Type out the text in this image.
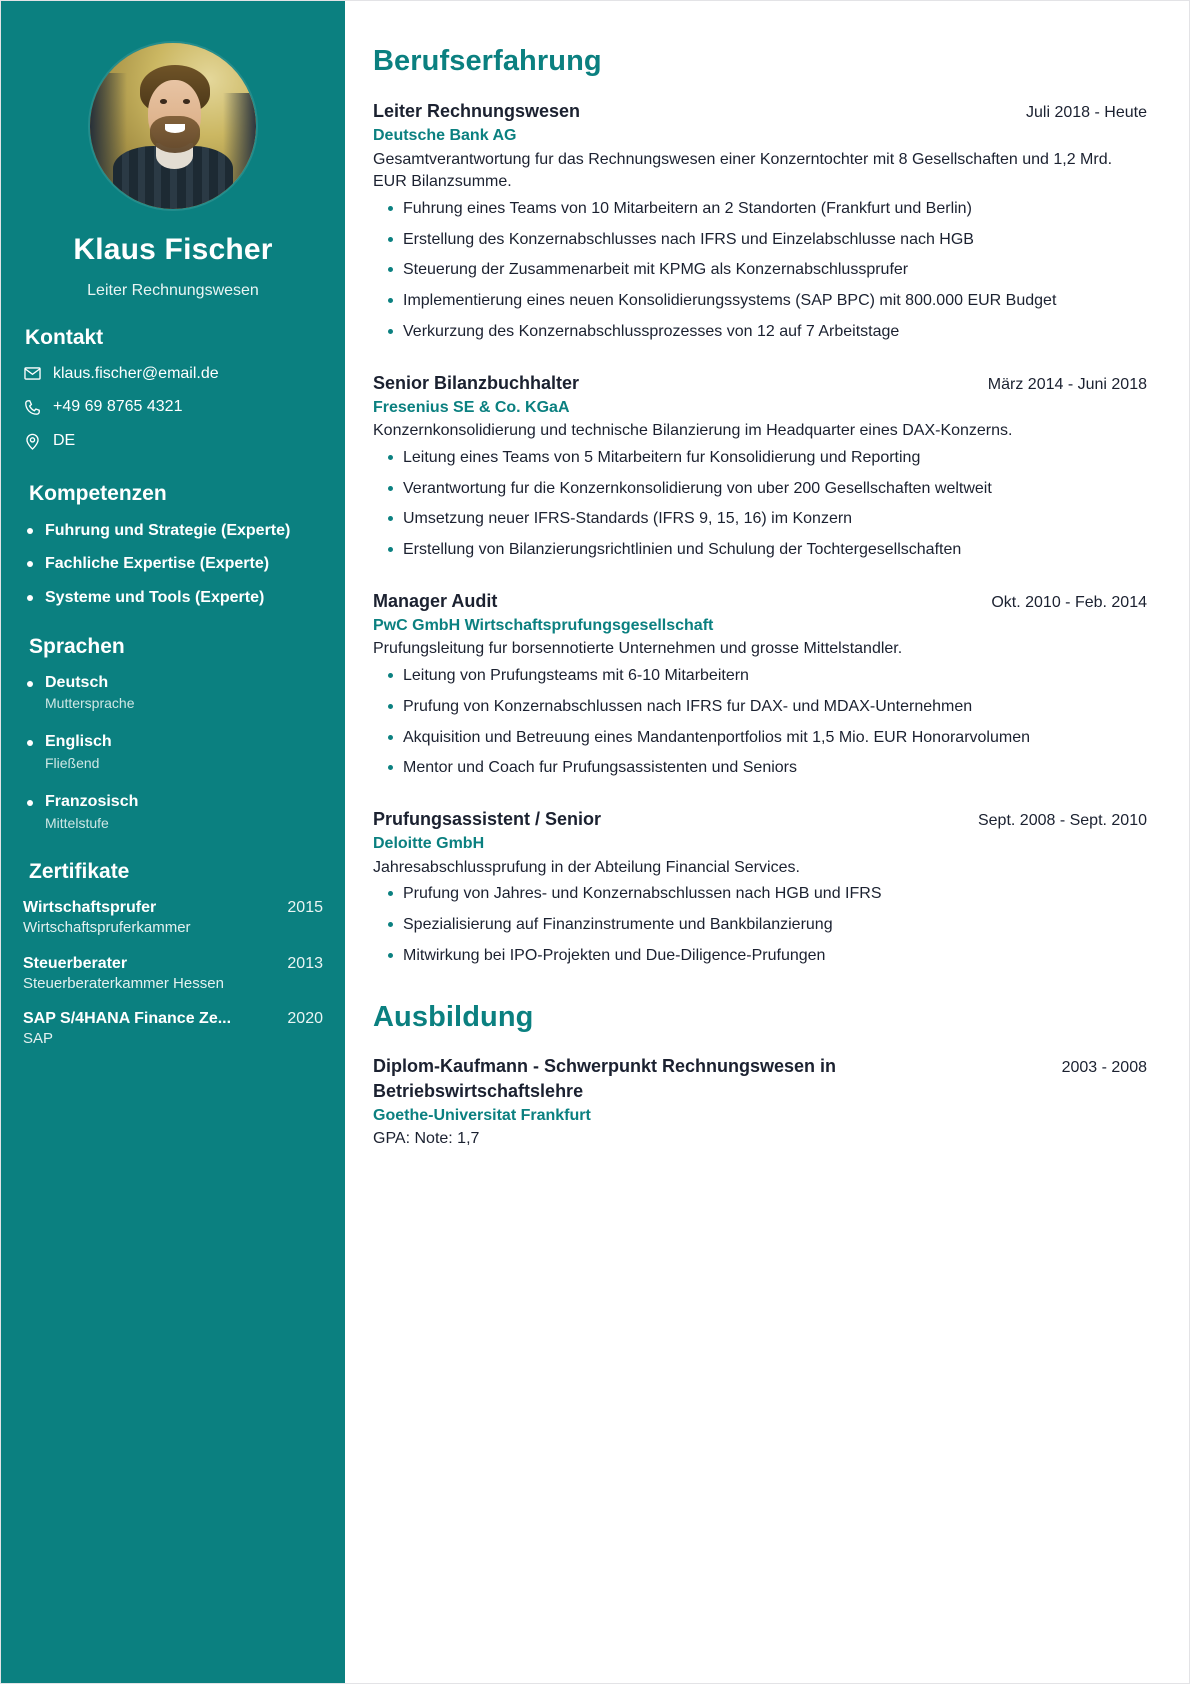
Klaus Fischer
Leiter Rechnungswesen
Kontakt
klaus.fischer@email.de
+49 69 8765 4321
DE
Kompetenzen
Fuhrung und Strategie (Experte)
Fachliche Expertise (Experte)
Systeme und Tools (Experte)
Sprachen
Deutsch
Muttersprache
Englisch
Fließend
Franzosisch
Mittelstufe
Zertifikate
Wirtschaftsprufer	2015
Wirtschaftspruferkammer
Steuerberater	2013
Steuerberaterkammer Hessen
SAP S/4HANA Finance Ze...	2020
SAP
Berufserfahrung
Leiter Rechnungswesen	Juli 2018 - Heute
Deutsche Bank AG

Gesamtverantwortung fur das Rechnungswesen einer Konzerntochter mit 8 Gesellschaften und 1,2 Mrd. EUR Bilanzsumme.

Fuhrung eines Teams von 10 Mitarbeitern an 2 Standorten (Frankfurt und Berlin)
Erstellung des Konzernabschlusses nach IFRS und Einzelabschlusse nach HGB
Steuerung der Zusammenarbeit mit KPMG als Konzernabschlussprufer
Implementierung eines neuen Konsolidierungssystems (SAP BPC) mit 800.000 EUR Budget
Verkurzung des Konzernabschlussprozesses von 12 auf 7 Arbeitstage
Senior Bilanzbuchhalter	März 2014 - Juni 2018
Fresenius SE & Co. KGaA

Konzernkonsolidierung und technische Bilanzierung im Headquarter eines DAX-Konzerns.

Leitung eines Teams von 5 Mitarbeitern fur Konsolidierung und Reporting
Verantwortung fur die Konzernkonsolidierung von uber 200 Gesellschaften weltweit
Umsetzung neuer IFRS-Standards (IFRS 9, 15, 16) im Konzern
Erstellung von Bilanzierungsrichtlinien und Schulung der Tochtergesellschaften
Manager Audit	Okt. 2010 - Feb. 2014
PwC GmbH Wirtschaftsprufungsgesellschaft

Prufungsleitung fur borsennotierte Unternehmen und grosse Mittelstandler.

Leitung von Prufungsteams mit 6-10 Mitarbeitern
Prufung von Konzernabschlussen nach IFRS fur DAX- und MDAX-Unternehmen
Akquisition und Betreuung eines Mandantenportfolios mit 1,5 Mio. EUR Honorarvolumen
Mentor und Coach fur Prufungsassistenten und Seniors
Prufungsassistent / Senior	Sept. 2008 - Sept. 2010
Deloitte GmbH

Jahresabschlussprufung in der Abteilung Financial Services.

Prufung von Jahres- und Konzernabschlussen nach HGB und IFRS
Spezialisierung auf Finanzinstrumente und Bankbilanzierung
Mitwirkung bei IPO-Projekten und Due-Diligence-Prufungen
Ausbildung
Diplom-Kaufmann - Schwerpunkt Rechnungswesen in Betriebswirtschaftslehre
2003 - 2008
Goethe-Universitat Frankfurt
GPA: Note: 1,7
